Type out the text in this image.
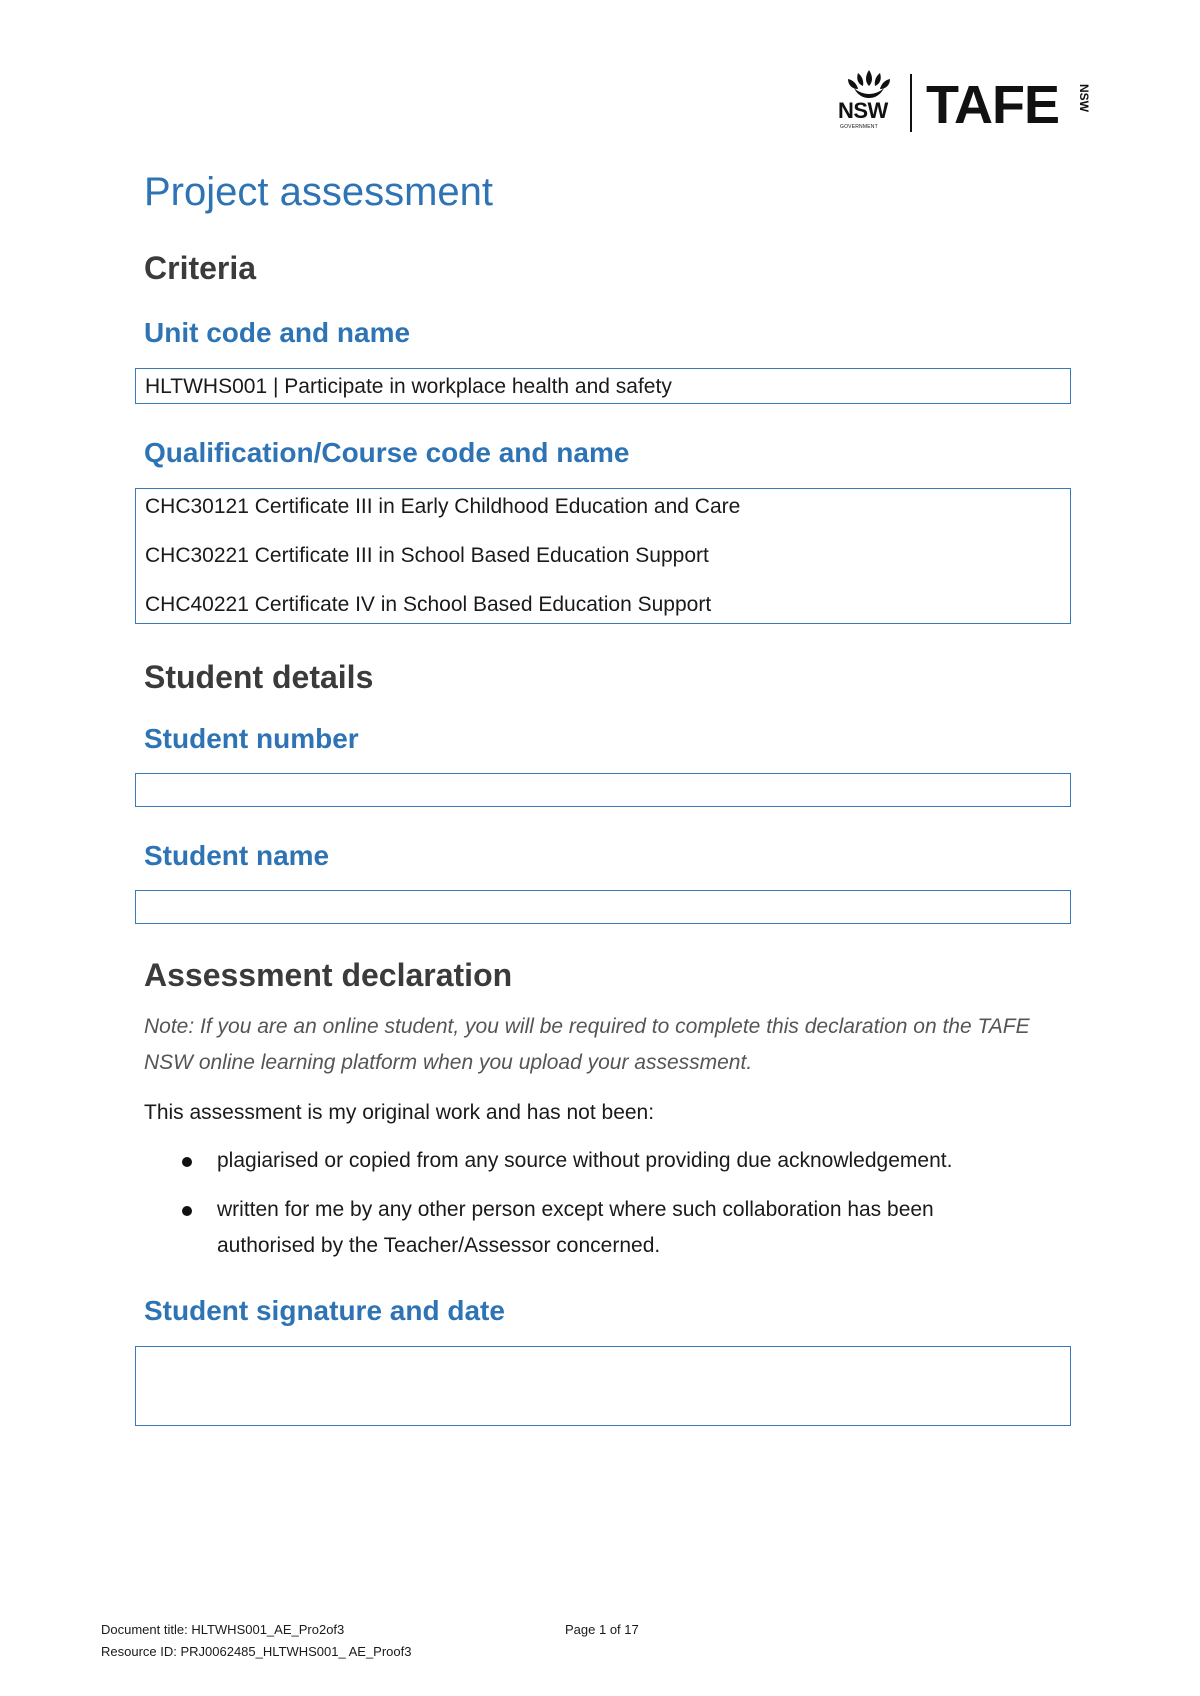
NSW
GOVERNMENT TAFE NSW
Project assessment
Criteria
Unit code and name
HLTWHS001 | Participate in workplace health and safety
Qualification/Course code and name
CHC30121 Certificate III in Early Childhood Education and Care
CHC30221 Certificate III in School Based Education Support
CHC40221 Certificate IV in School Based Education Support
Student details
Student number
Student name
Assessment declaration
Note: If you are an online student, you will be required to complete this declaration on the TAFE NSW online learning platform when you upload your assessment.
This assessment is my original work and has not been:
plagiarised or copied from any source without providing due acknowledgement.
written for me by any other person except where such collaboration has been authorised by the Teacher/Assessor concerned.
Student signature and date
Document title: HLTWHS001_AE_Pro2of3	Page 1 of 17
Resource ID: PRJ0062485_HLTWHS001_ AE_Proof3
